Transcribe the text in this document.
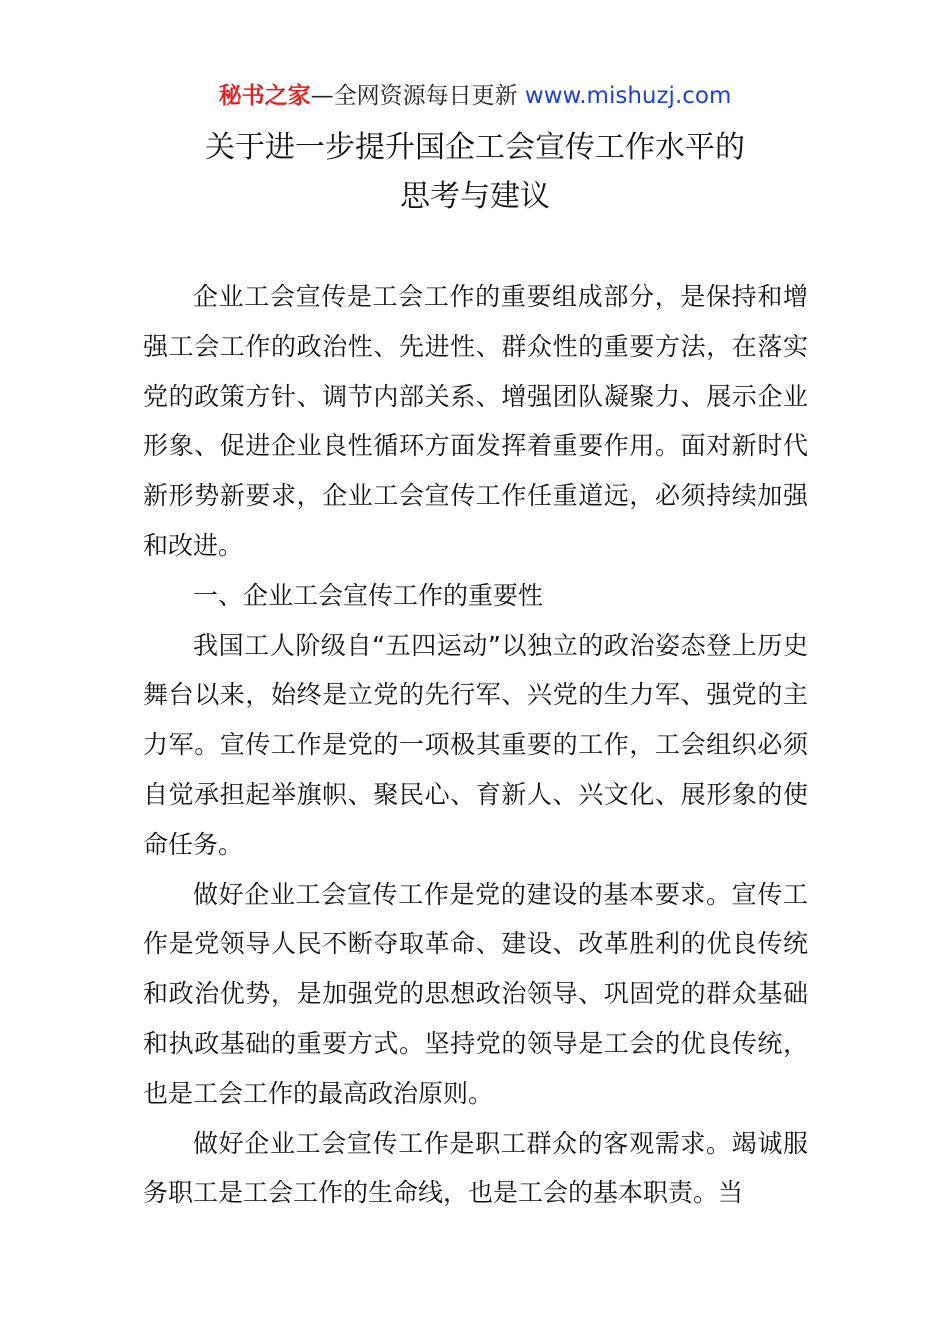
秘书之家—全网资源每日更新 www.mishuzj.com
关于进一步提升国企工会宣传工作水平的
思考与建议

企业工会宣传是工会工作的重要组成部分，是保持和增强工会工作的政治性、先进性、群众性的重要方法，在落实党的政策方针、调节内部关系、增强团队凝聚力、展示企业形象、促进企业良性循环方面发挥着重要作用。面对新时代新形势新要求，企业工会宣传工作任重道远，必须持续加强和改进。

一、企业工会宣传工作的重要性

我国工人阶级自“五四运动”以独立的政治姿态登上历史舞台以来，始终是立党的先行军、兴党的生力军、强党的主力军。宣传工作是党的一项极其重要的工作，工会组织必须自觉承担起举旗帜、聚民心、育新人、兴文化、展形象的使命任务。

做好企业工会宣传工作是党的建设的基本要求。宣传工作是党领导人民不断夺取革命、建设、改革胜利的优良传统和政治优势，是加强党的思想政治领导、巩固党的群众基础和执政基础的重要方式。坚持党的领导是工会的优良传统，也是工会工作的最高政治原则。

做好企业工会宣传工作是职工群众的客观需求。竭诚服务职工是工会工作的生命线，也是工会的基本职责。当
